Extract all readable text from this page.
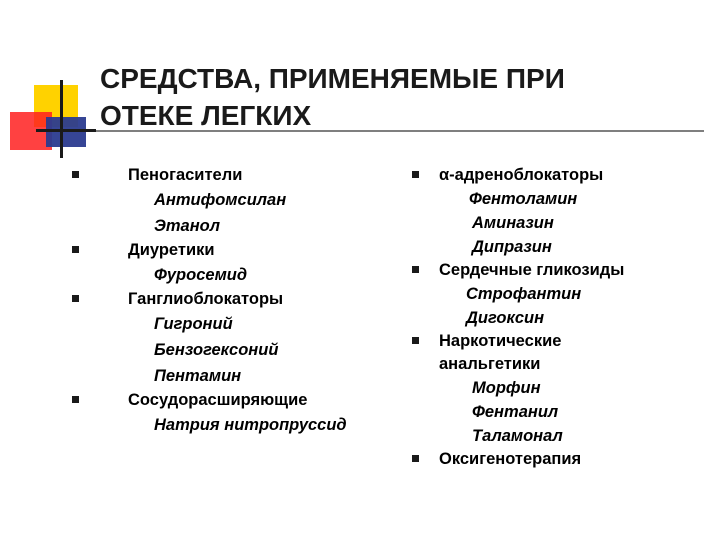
СРЕДСТВА, ПРИМЕНЯЕМЫЕ ПРИ
ОТЕКЕ ЛЕГКИХ
Пеногасители
Антифомсилан
Этанол
Диуретики
Фуросемид
Ганглиоблокаторы
Гигроний
Бензогексоний
Пентамин
Сосудорасширяющие
Натрия нитропруссид
α-адреноблокаторы
Фентоламин
Аминазин
Дипразин
Сердечные гликозиды
Строфантин
Дигоксин
Наркотические
анальгетики
Морфин
Фентанил
Таламонал
Оксигенотерапия
